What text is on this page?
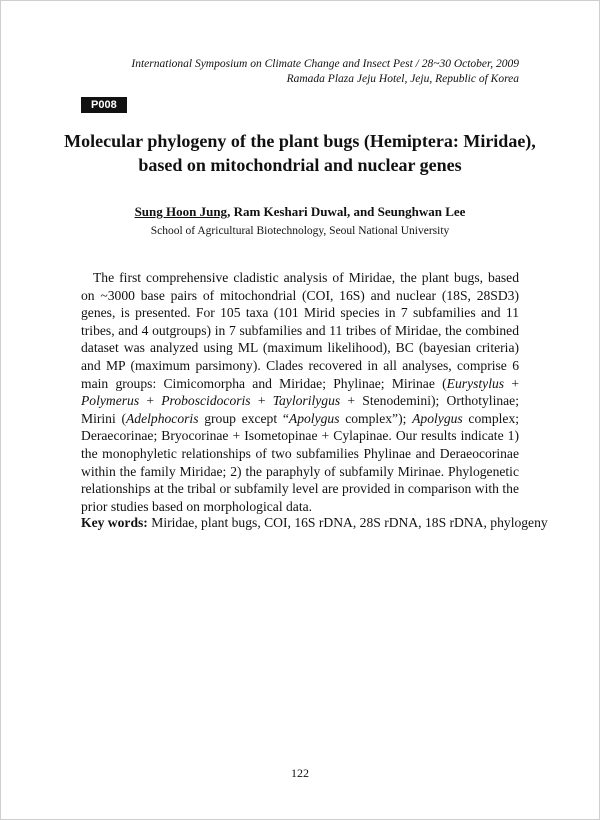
International Symposium on Climate Change and Insect Pest / 28~30 October, 2009
Ramada Plaza Jeju Hotel, Jeju, Republic of Korea
P008
Molecular phylogeny of the plant bugs (Hemiptera: Miridae),
based on mitochondrial and nuclear genes
Sung Hoon Jung, Ram Keshari Duwal, and Seunghwan Lee
School of Agricultural Biotechnology, Seoul National University

The first comprehensive cladistic analysis of Miridae, the plant bugs, based on ~3000 base pairs of mitochondrial (COI, 16S) and nuclear (18S, 28SD3) genes, is presented. For 105 taxa (101 Mirid species in 7 subfamilies and 11 tribes, and 4 outgroups) in 7 subfamilies and 11 tribes of Miridae, the combined dataset was analyzed using ML (maximum likelihood), BC (bayesian criteria) and MP (maximum parsimony). Clades recovered in all analyses, comprise 6 main groups: Cimicomorpha and Miridae; Phylinae; Mirinae (Eurystylus + Polymerus + Proboscidocoris + Taylorilygus + Stenodemini); Orthotylinae; Mirini (Adelphocoris group except “Apolygus complex”); Apolygus complex; Deraecorinae; Bryocorinae + Isometopinae + Cylapinae. Our results indicate 1) the monophyletic relationships of two subfamilies Phylinae and Deraeocorinae within the family Miridae; 2) the paraphyly of subfamily Mirinae. Phylogenetic relationships at the tribal or subfamily level are provided in comparison with the prior studies based on morphological data.

Key words: Miridae, plant bugs, COI, 16S rDNA, 28S rDNA, 18S rDNA, phylogeny

122
